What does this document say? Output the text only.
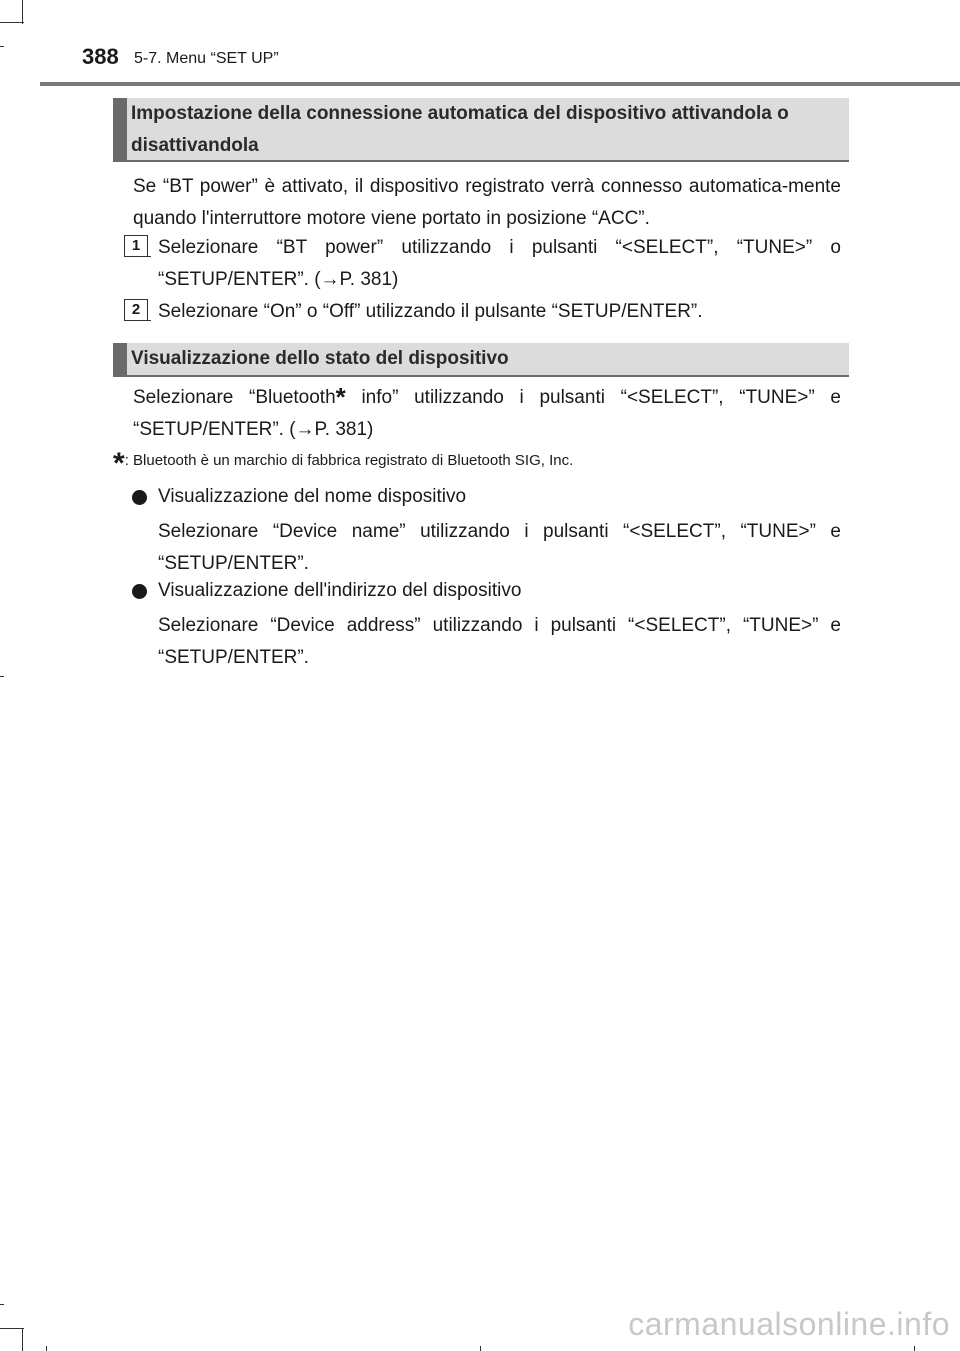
388 5-7. Menu “SET UP”
Impostazione della connessione automatica del dispositivo attivandola o disattivandola

Se “BT power” è attivato, il dispositivo registrato verrà connesso automatica-mente quando l'interruttore motore viene portato in posizione “ACC”.

1 Selezionare “BT power” utilizzando i pulsanti “<SELECT”, “TUNE>” o “SETUP/ENTER”. (→P. 381)

2 Selezionare “On” o “Off” utilizzando il pulsante “SETUP/ENTER”.

Visualizzazione dello stato del dispositivo

Selezionare “Bluetooth* info” utilizzando i pulsanti “<SELECT”, “TUNE>” e “SETUP/ENTER”. (→P. 381)

*: Bluetooth è un marchio di fabbrica registrato di Bluetooth SIG, Inc.

Visualizzazione del nome dispositivo

Selezionare “Device name” utilizzando i pulsanti “<SELECT”, “TUNE>” e “SETUP/ENTER”.

Visualizzazione dell'indirizzo del dispositivo

Selezionare “Device address” utilizzando i pulsanti “<SELECT”, “TUNE>” e “SETUP/ENTER”.

carmanualsonline.info
